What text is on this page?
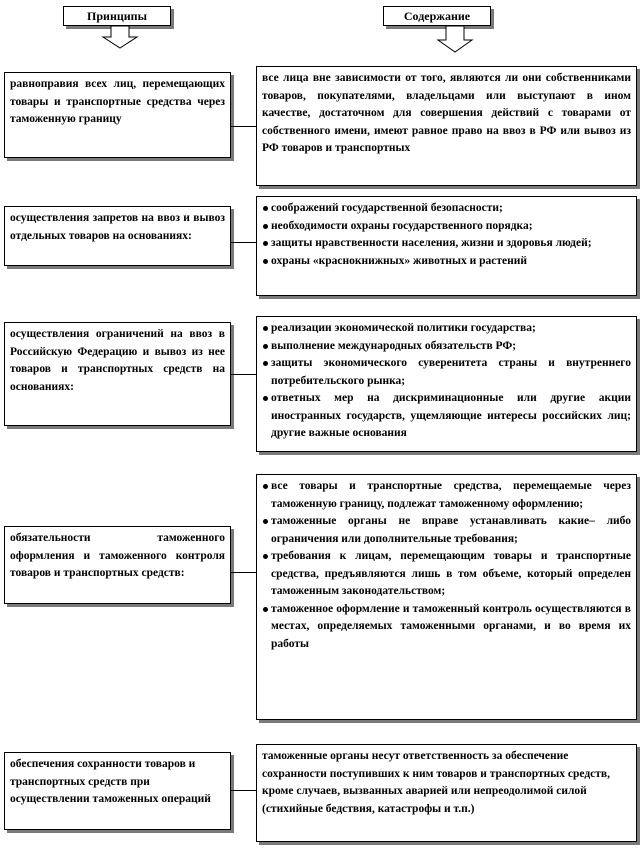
Принципы	Содержание
равноправия всех лиц, перемещающих товары и транспортные средства через таможенную границу
все лица вне зависимости от того, являются ли они собственниками товаров, покупателями, владельцами или выступают в ином качестве, достаточном для совершения действий с товарами от собственного имени, имеют равное право на ввоз в РФ или вывоз из РФ товаров и транспортных
осуществления запретов на ввоз и вывоз отдельных товаров на основаниях:
соображений государственной безопасности;
необходимости охраны государственного порядка;
защиты нравственности населения, жизни и здоровья людей;
охраны «краснокнижных» животных и растений
осуществления ограничений на ввоз в Российскую Федерацию и вывоз из нее товаров и транспортных средств на основаниях:
реализации экономической политики государства;
выполнение международных обязательств РФ;
защиты экономического суверенитета страны и внутреннего потребительского рынка;
ответных мер на дискриминационные или другие акции иностранных государств, ущемляющие интересы российских лиц; другие важные основания
обязательности таможенного оформления и таможенного контроля товаров и транспортных средств:
все товары и транспортные средства, перемещаемые через таможенную границу, подлежат таможенному оформлению;
таможенные органы не вправе устанавливать какие– либо ограничения или дополнительные требования;
требования к лицам, перемещающим товары и транспортные средства, предъявляются лишь в том объеме, который определен таможенным законодательством;
таможенное оформление и таможенный контроль осуществляются в местах, определяемых таможенными органами, и во время их работы
обеспечения сохранности товаров и транспортных средств при осуществлении таможенных операций
таможенные органы несут ответственность за обеспечение сохранности поступивших к ним товаров и транспортных средств, кроме случаев, вызванных аварией или непреодолимой силой (стихийные бедствия, катастрофы и т.п.)
